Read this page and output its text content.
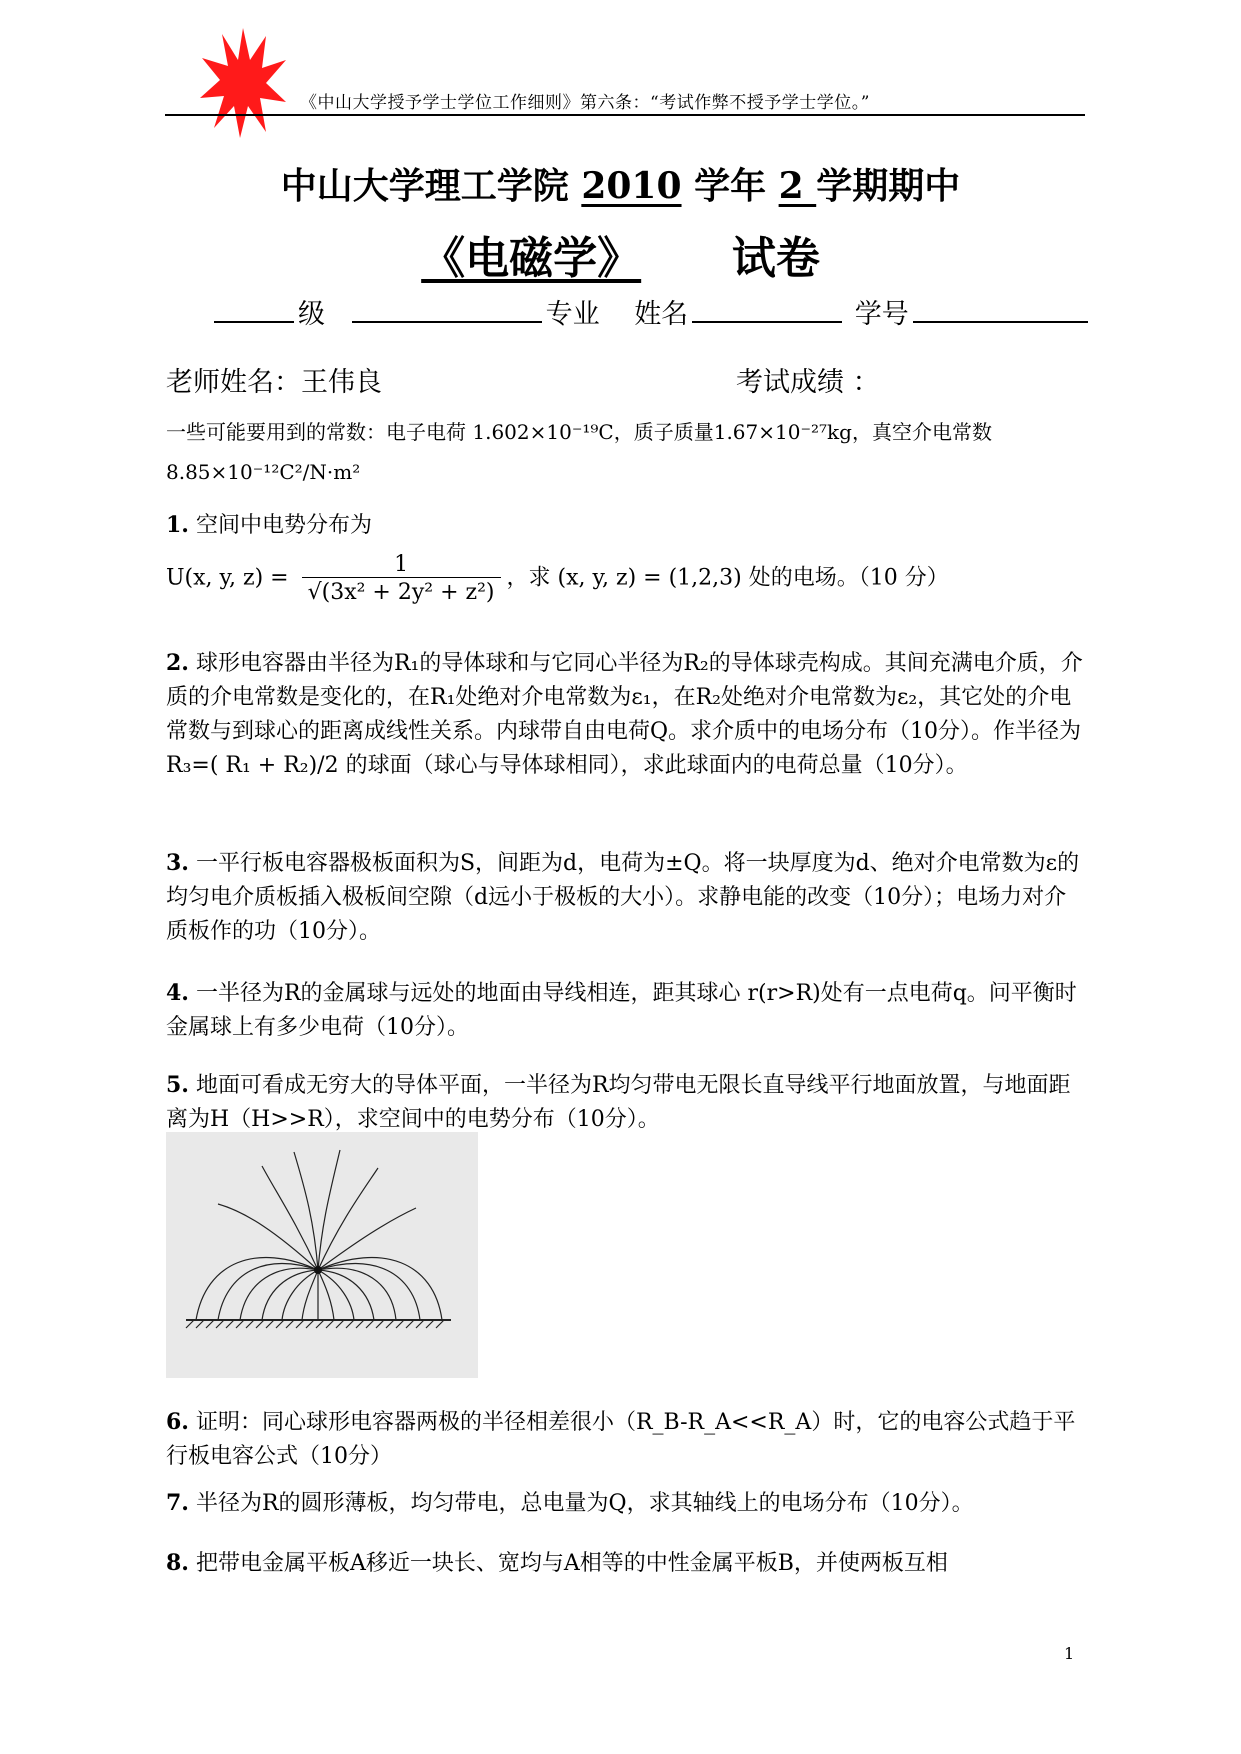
《中山大学授予学士学位工作细则》第六条：“考试作弊不授予学士学位。”
中山大学理工学院 2010 学年 2 学期期中
《电磁学》 试卷
级	专业 姓名	学号
老师姓名：王伟良	考试成绩 ：
一些可能要用到的常数：电子电荷 1.602×10⁻¹⁹C，质子质量1.67×10⁻²⁷kg，真空介电常数
8.85×10⁻¹²C²/N·m²
1. 空间中电势分布为
U(x, y, $z) = \frac{1}{\text{√(3x² + 2y² + z²)}}$ ，求 (x, y, z) = (1,2,3) 处的电场。（10 分）
2. 球形电容器由半径为R₁的导体球和与它同心半径为R₂的导体球壳构成。其间充满电介质，介质的介电常数是变化的，在R₁处绝对介电常数为ε₁，在R₂处绝对介电常数为ε₂，其它处的介电常数与到球心的距离成线性关系。内球带自由电荷Q。求介质中的电场分布（10分）。作半径为R₃=( R₁ + R₂)/2 的球面（球心与导体球相同），求此球面内的电荷总量（10分）。
3. 一平行板电容器极板面积为S，间距为d，电荷为±Q。将一块厚度为d、绝对介电常数为ε的均匀电介质板插入极板间空隙（d远小于极板的大小）。求静电能的改变（10分）；电场力对介质板作的功（10分）。
4. 一半径为R的金属球与远处的地面由导线相连，距其球心 r(r>R)处有一点电荷q。问平衡时金属球上有多少电荷（10分）。
5. 地面可看成无穷大的导体平面，一半径为R均匀带电无限长直导线平行地面放置，与地面距离为H（H>>R），求空间中的电势分布（10分）。
6. 证明：同心球形电容器两极的半径相差很小（R_B-R_A<<R_A）时，它的电容公式趋于平行板电容公式（10分）
7. 半径为R的圆形薄板，均匀带电，总电量为Q，求其轴线上的电场分布（10分）。
8. 把带电金属平板A移近一块长、宽均与A相等的中性金属平板B，并使两板互相
1
